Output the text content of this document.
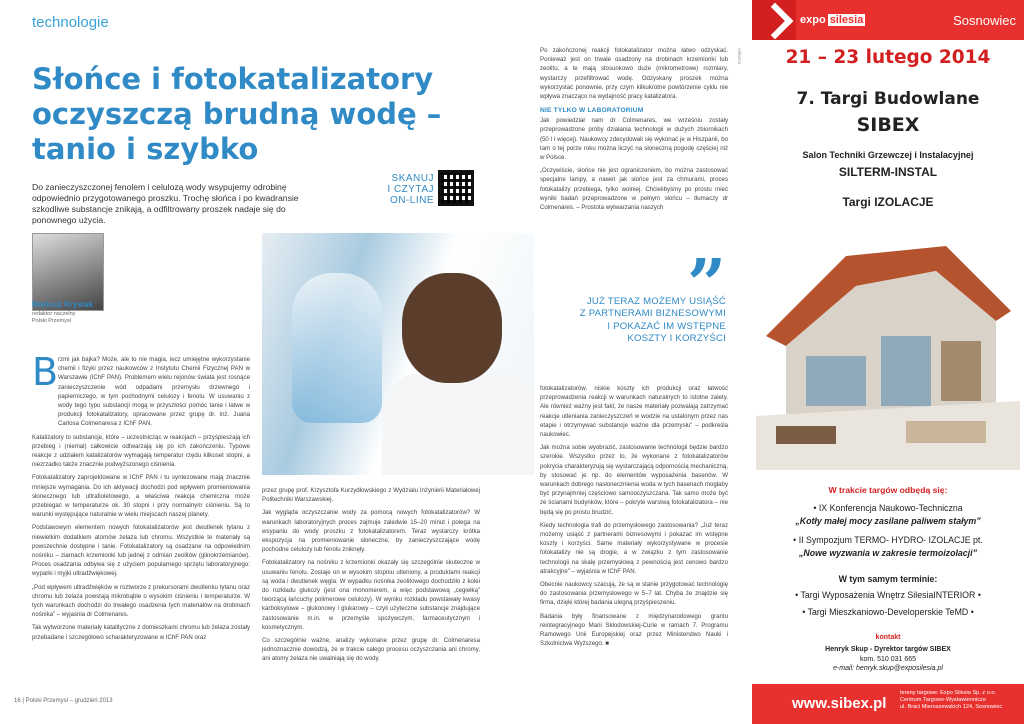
technologie
Słońce i fotokatalizatory oczyszczą brudną wodę – tanio i szybko

Do zanieczyszczonej fenolem i celulozą wody wsypujemy odrobinę odpowiednio przygotowanego proszku. Trochę słońca i po kwadransie szkodliwe substancje znikają, a odfiltrowany proszek nadaje się do ponownego użycia.

SKANUJ
I CZYTAJ
ON-LINE
Mariusz Krysiak
redaktor naczelny
Polski Przemysł
B rzmi jak bajka? Może, ale to nie magia, lecz umiejętne wykorzystanie chemii i fizyki przez naukowców z Instytutu Chemii Fizycznej PAN w Warszawie (IChF PAN). Problemem wielu rejonów świata jest rosnące zanieczyszczenie wód odpadami przemysłu drzewnego i papierniczego, w tym pochodnymi celulozy i fenolu. W usuwaniu z wody tego typu substancji mogą w przyszłości pomóc tanie i łatwe w produkcji fotokatalizatory, opracowane przez grupę dr. inż. Juana Carlosa Colmenaresa z IChF PAN.

Katalizatory to substancje, które – uczestnicząc w reakcjach – przyśpieszają ich przebieg i (niemal) całkowicie odtwarzają się po ich zakończeniu. Typowe reakcje z udziałem katalizatorów wymagają temperatur rzędu kilkuset stopni, a niezrzadko także znacznie podwyższonego ciśnienia.

Fotokatalizatory zaprojektowane w IChF PAN i tu syntezowane mają znacznie mniejsze wymagania. Do ich aktywacji dochodzi pod wpływem promieniowania słonecznego lub ultrafioletowego, a właściwa reakcja chemiczna może przebiegać w temperaturze ok. 30 stopni i przy normalnym ciśnieniu. Są to warunki występujące naturalnie w wielu miejscach naszej planety.

Podstawowym elementem nowych fotokatalizatorów jest dwutlenek tytanu z niewielkim dodatkiem atomów żelaza lub chromu. Wszystkie te materiały są powszechnie dostępne i tanie. Fotokatalizatory są osadzane na odpowiednim nośniku – ziarnach krzemionki lub jednej z odmian zeolitów (glinokrzemianów). Proces osadzania odbywa się z użyciem popularnego sprzętu laboratoryjnego: wyparki i myjki ultradźwiękowej.

„Pod wpływem ultradźwięków w roztworze z prekursorami dwutlenku tytanu oraz chromu lub żelaza powstają mikrobąble o wysokim ciśnieniu i temperaturze. W tych warunkach dochodzi do trwałego osadzenia tych materiałów na drobinach nośnika” – wyjaśnia dr Colmenares.

Tak wytworzone materiały katalityczne z domieszkami chromu lub żelaza zostały przebadane i szczegółowo scharakteryzowane w IChF PAN oraz

przez grupę prof. Krzysztofa Kurzydłowskiego z Wydziału Inżynierii Materiałowej Politechniki Warszawskiej.

Jak wygląda oczyszczanie wody za pomocą nowych fotokatalizatorów? W warunkach laboratoryjnych proces zajmuje zaledwie 15–20 minut i polega na wsypaniu do wody proszku z fotokatalizatorem. Teraz wystarczy krótka ekspozycja na promieniowanie słoneczne, by zanieczyszczające wodę pochodne celulozy lub fenolu zniknęły.

Fotokatalizatory na nośniku z krzemionki okazały się szczególnie skuteczne w usuwaniu fenolu. Zostaje on w wysokim stopniu utleniony, a produktami reakcji są woda i dwutlenek węgla. W wypadku nośnika zeolitowego dochodziło z kolei do rozkładu glukozy (jest ona monomerem, a więc podstawową „cegiełką” tworzącą łańcuchy polimerowe celulozy). W wyniku rozkładu powstawały kwasy karboksylowe – glukonowy i glukarowy – czyli użyteczne substancje znajdujące zastosowanie m.in. w przemyśle spożywczym, farmaceutycznym i kosmetycznym.

Co szczególnie ważne, analizy wykonane przez grupę dr. Colmenaresa jednoznacznie dowodzą, że w trakcie całego procesu oczyszczania ani chromy, ani atomy żelaza nie uwalniają się do wody.

Po zakończonej reakcji fotokatalizator można łatwo odzyskać. Ponieważ jest on trwale osadzony na drobinach krzemionki lub zeolitu, a te mają stosunkowo duże (mikrometrowe) rozmiary, wystarczy przefiltrować wodę. Odzyskany proszek można wykorzystać ponownie, przy czym kilkukrotne powtórzenie cyklu nie wpływa znacząco na wydajność pracy katalizatora.

NIE TYLKO W LABORATORIUM

Jak powiedział nam dr Colmenares, we wrześniu zostały przeprowadzone próby działania technologii w dużych zbiornikach (50 l i więcej). Naukowcy zdecydowali się wykonać je w Hiszpanii, bo tam o tej porze roku można liczyć na słoneczną pogodę częściej niż w Polsce.

„Oczywiście, słońce nie jest ograniczeniem, bo można zastosować specjalne lampy, a nawet jak słońce jest za chmurami, proces fotokatalizy przebiega, tylko wolniej. Chcielibyśmy po prostu mieć wyniki badań przeprowadzone w pełnym słońcu – tłumaczy dr Colmenares. – Prostota wytwarzania naszych

”
JUŻ TERAZ MOŻEMY USIĄŚĆ
Z PARTNERAMI BIZNESOWYMI
I POKAZAĆ IM WSTĘPNE
KOSZTY I KORZYŚCI

fotokatalizatorów, niskie koszty ich produkcji oraz łatwość przeprowadzenia reakcji w warunkach naturalnych to istotne zalety. Ale również ważny jest fakt, że nasze materiały pozwalają zatrzymać reakcje utleniania zanieczyszczeń w wodzie na ustalonym przez nas etapie i otrzymywać substancje ważne dla przemysłu” – podkreśla naukowiec.

Jak można sobie wyobrazić, zastosowanie technologii będzie bardzo szerokie. Wszystko przez to, że wykonane z fotokatalizatorów pokrycia charakteryzują się wystarczającą odpornością mechaniczną, by stosować je np. do elementów wyposażenia basenów. W warunkach dobrego nasłonecznienia woda w tych basenach mogłaby być przynajmniej częściowo samooczyszczana. Tak samo może być ze ścianami budynków, które – pokryte warstwą fotokatalizatora – nie będą się po prostu brudzić.

Kiedy technologia trafi do przemysłowego zastosowania? „Już teraz możemy usiąść z partnerami biznesowymi i pokazać im wstępne koszty i korzyści. Same materiały wykorzystywane w procesie fotokatalizy nie są drogie, a w związku z tym zastosowanie technologii na skalę przemysłową z pewnością jest cenowo bardzo atrakcyjne” – wyjaśnia w IChF PAN.

Obecnie naukowcy szacują, że są w stanie przygotować technologię do zastosowania przemysłowego w 5–7 lat. Chyba że znajdzie się firma, dzięki której badania ulegną przyśpieszeniu.

Badania były finansowane z międzynarodowego grantu reintegracyjnego Marii Skłodowskiej-Curie w ramach 7. Programu Ramowego Unii Europejskiej oraz przez Ministerstwo Nauki i Szkolnictwa Wyższego. ■

16 | Polski Przemysł – grudzień 2013
reklama
expo silesia	Sosnowiec
21 – 23 lutego 2014
7. Targi Budowlane
SIBEX
Salon Techniki Grzewczej i Instalacyjnej
SILTERM-INSTAL
Targi IZOLACJE
W trakcie targów odbędą się:
• IX Konferencja Naukowo-Techniczna
„Kotły małej mocy zasilane paliwem stałym”
• II Sympozjum TERMO- HYDRO- IZOLACJE pt.
„Nowe wyzwania w zakresie termoizolacji”
W tym samym terminie:
• Targi Wyposażenia Wnętrz SilesiaINTERIOR •
• Targi Mieszkaniowo-Developerskie TeMD •
kontakt
Henryk Skup - Dyrektor targów SIBEX
kom. 510 031 665
e-mail: henryk.skup@exposilesia.pl
www.sibex.pl
tereny targowe: Expo Silesia Sp. z o.o.
Centrum Targowo-Wystawiennicze
ul. Braci Mieroszewskich 124, Sosnowiec
